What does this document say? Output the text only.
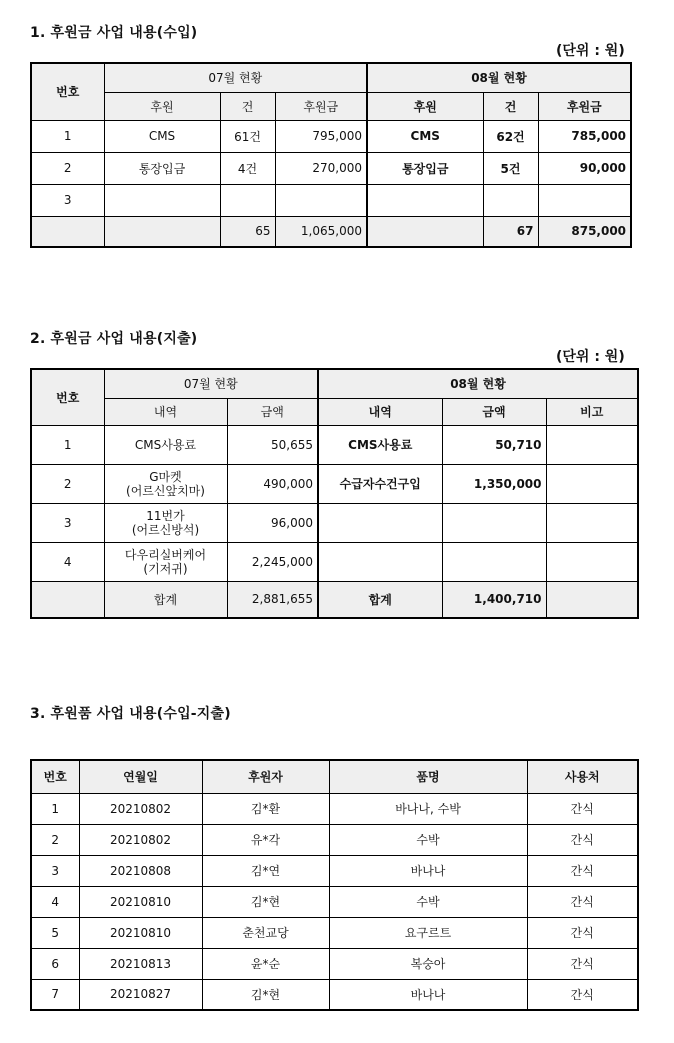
1. 후원금 사업 내용(수입)
(단위 : 원)
번호	07월 현황			08월 현황		
	후원	건	후원금	후원	건	후원금
1	CMS	61건	795,000	CMS	62건	785,000
2	통장입금	4건	270,000	통장입금	5건	90,000
3						
		65	1,065,000		67	875,000
2. 후원금 사업 내용(지출)
(단위 : 원)
번호	07월 현황		08월 현황		
	내역	금액	내역	금액	비고
1	CMS사용료	50,655	CMS사용료	50,710	
2	G마켓
(어르신앞치마)	490,000	수급자수건구입	1,350,000	
3	11번가
(어르신방석)	96,000			
4	다우리실버케어
(기저귀)	2,245,000			
	합계	2,881,655	합계	1,400,710	
3. 후원품 사업 내용(수입-지출)
번호	연월일	후원자	품명	사용처
1	20210802	김*환	바나나, 수박	간식
2	20210802	유*각	수박	간식
3	20210808	김*연	바나나	간식
4	20210810	김*현	수박	간식
5	20210810	춘천교당	요구르트	간식
6	20210813	윤*순	복숭아	간식
7	20210827	김*현	바나나	간식
